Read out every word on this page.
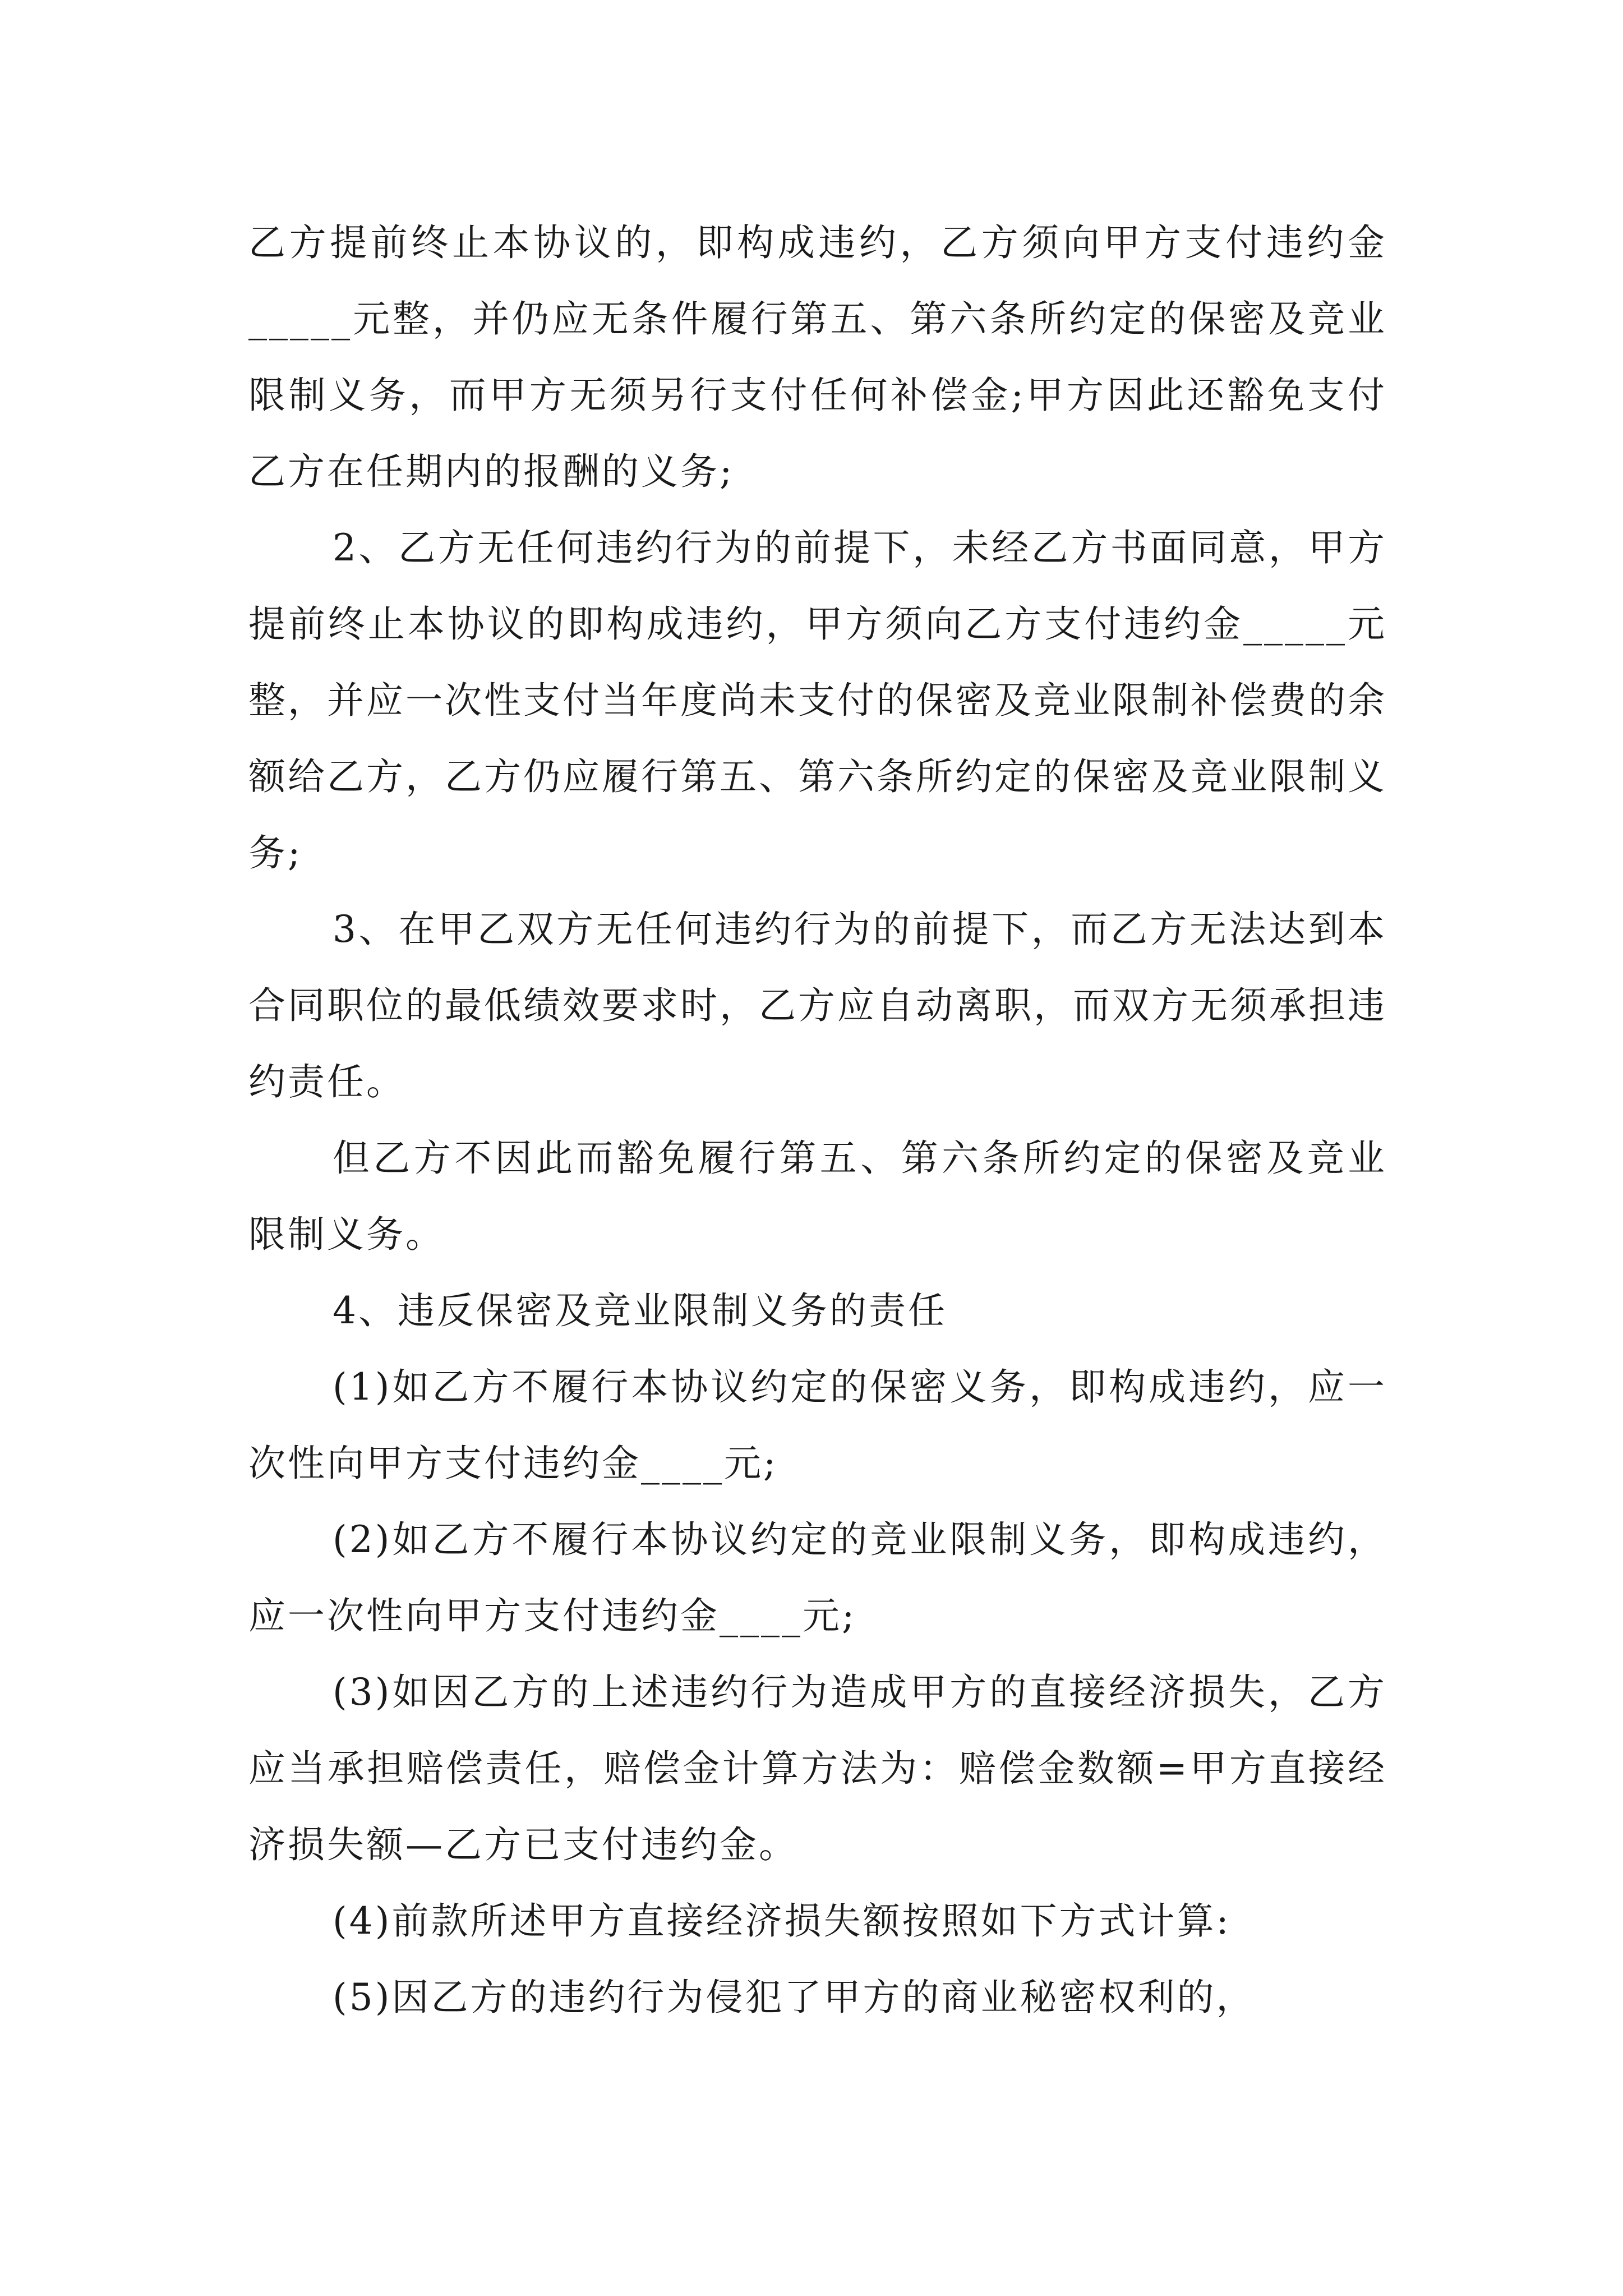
乙方提前终止本协议的，即构成违约，乙方须向甲方支付违约金_____元整，并仍应无条件履行第五、第六条所约定的保密及竞业限制义务，而甲方无须另行支付任何补偿金;甲方因此还豁免支付乙方在任期内的报酬的义务;

2、乙方无任何违约行为的前提下，未经乙方书面同意，甲方提前终止本协议的即构成违约，甲方须向乙方支付违约金_____元整，并应一次性支付当年度尚未支付的保密及竞业限制补偿费的余额给乙方，乙方仍应履行第五、第六条所约定的保密及竞业限制义务;

3、在甲乙双方无任何违约行为的前提下，而乙方无法达到本合同职位的最低绩效要求时，乙方应自动离职，而双方无须承担违约责任。

但乙方不因此而豁免履行第五、第六条所约定的保密及竞业限制义务。

4、违反保密及竞业限制义务的责任

(1)如乙方不履行本协议约定的保密义务，即构成违约，应一次性向甲方支付违约金____元;

(2)如乙方不履行本协议约定的竞业限制义务，即构成违约，应一次性向甲方支付违约金____元;

(3)如因乙方的上述违约行为造成甲方的直接经济损失，乙方应当承担赔偿责任，赔偿金计算方法为：赔偿金数额=甲方直接经济损失额—乙方已支付违约金。

(4)前款所述甲方直接经济损失额按照如下方式计算:

(5)因乙方的违约行为侵犯了甲方的商业秘密权利的，
